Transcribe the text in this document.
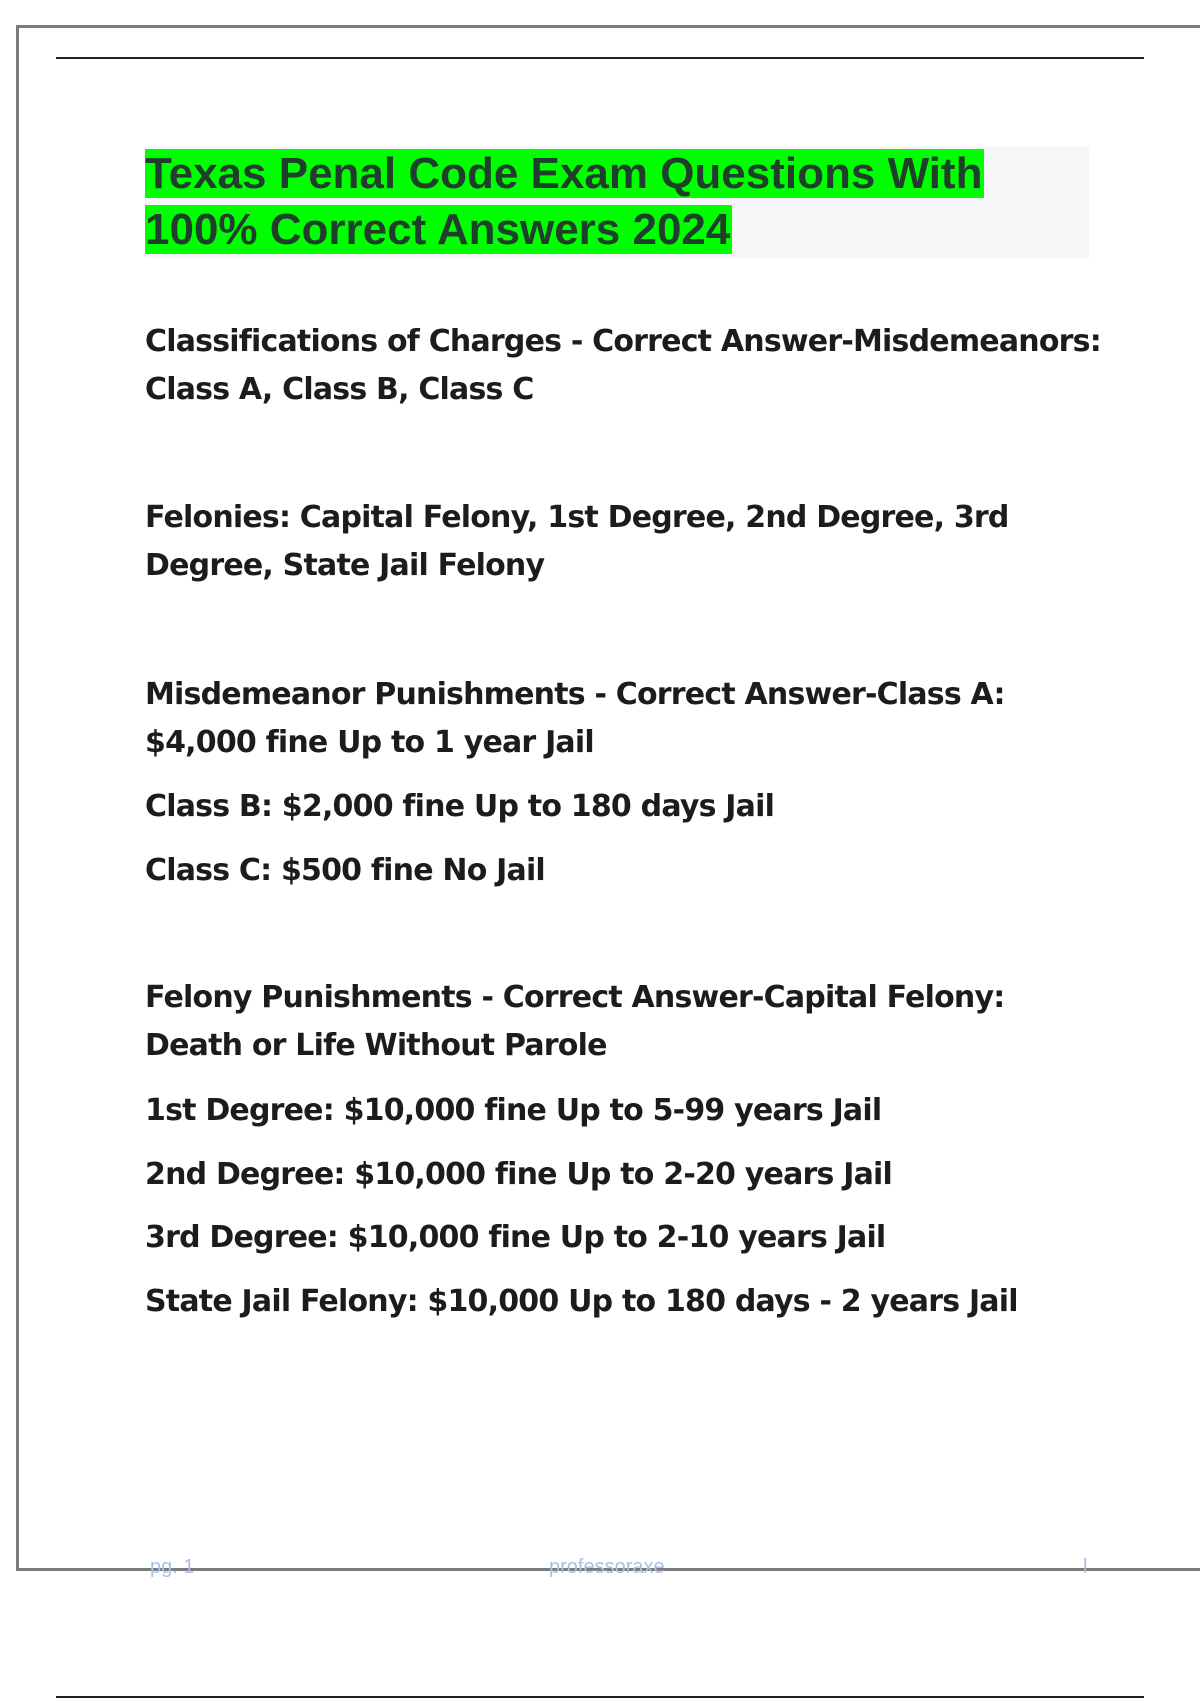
Texas Penal Code Exam Questions With
100% Correct Answers 2024

Classifications of Charges - Correct Answer-Misdemeanors: Class A, Class B, Class C

Felonies: Capital Felony, 1st Degree, 2nd Degree, 3rd Degree, State Jail Felony

Misdemeanor Punishments - Correct Answer-Class A: $4,000 fine Up to 1 year Jail

Class B: $2,000 fine Up to 180 days Jail

Class C: $500 fine No Jail

Felony Punishments - Correct Answer-Capital Felony: Death or Life Without Parole

1st Degree: $10,000 fine Up to 5-99 years Jail

2nd Degree: $10,000 fine Up to 2-20 years Jail

3rd Degree: $10,000 fine Up to 2-10 years Jail

State Jail Felony: $10,000 Up to 180 days - 2 years Jail

pg. 1	professoraxe	l
